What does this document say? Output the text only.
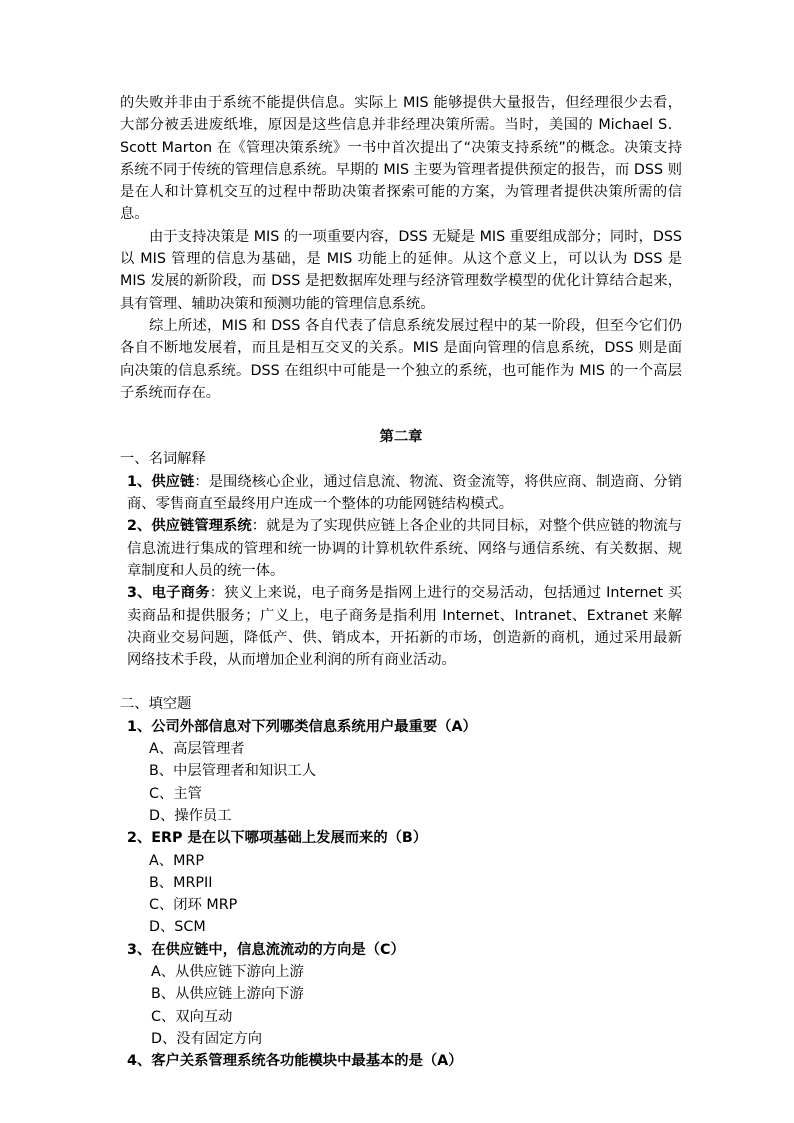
的失败并非由于系统不能提供信息。实际上 MIS 能够提供大量报告，但经理很少去看，大部分被丢进废纸堆，原因是这些信息并非经理决策所需。当时，美国的 Michael S．Scott Marton 在《管理决策系统》一书中首次提出了“决策支持系统”的概念。决策支持系统不同于传统的管理信息系统。早期的 MIS 主要为管理者提供预定的报告，而 DSS 则是在人和计算机交互的过程中帮助决策者探索可能的方案，为管理者提供决策所需的信息。

由于支持决策是 MIS 的一项重要内容，DSS 无疑是 MIS 重要组成部分；同时，DSS 以 MIS 管理的信息为基础，是 MIS 功能上的延伸。从这个意义上，可以认为 DSS 是 MIS 发展的新阶段，而 DSS 是把数据库处理与经济管理数学模型的优化计算结合起来，具有管理、辅助决策和预测功能的管理信息系统。

综上所述，MIS 和 DSS 各自代表了信息系统发展过程中的某一阶段，但至今它们仍各自不断地发展着，而且是相互交叉的关系。MIS 是面向管理的信息系统，DSS 则是面向决策的信息系统。DSS 在组织中可能是一个独立的系统，也可能作为 MIS 的一个高层子系统而存在。

第二章

一、名词解释

1、供应链：是围绕核心企业，通过信息流、物流、资金流等，将供应商、制造商、分销商、零售商直至最终用户连成一个整体的功能网链结构模式。

2、供应链管理系统：就是为了实现供应链上各企业的共同目标，对整个供应链的物流与信息流进行集成的管理和统一协调的计算机软件系统、网络与通信系统、有关数据、规章制度和人员的统一体。

3、电子商务：狭义上来说，电子商务是指网上进行的交易活动，包括通过 Internet 买卖商品和提供服务；广义上，电子商务是指利用 Internet、Intranet、Extranet 来解决商业交易问题，降低产、供、销成本，开拓新的市场，创造新的商机，通过采用最新网络技术手段，从而增加企业利润的所有商业活动。

二、填空题

1、公司外部信息对下列哪类信息系统用户最重要（A）

A、高层管理者

B、中层管理者和知识工人

C、主管

D、操作员工

2、ERP 是在以下哪项基础上发展而来的（B）

A、MRP

B、MRPII

C、闭环 MRP

D、SCM

3、在供应链中，信息流流动的方向是（C）

A、从供应链下游向上游

B、从供应链上游向下游

C、双向互动

D、没有固定方向

4、客户关系管理系统各功能模块中最基本的是（A）
